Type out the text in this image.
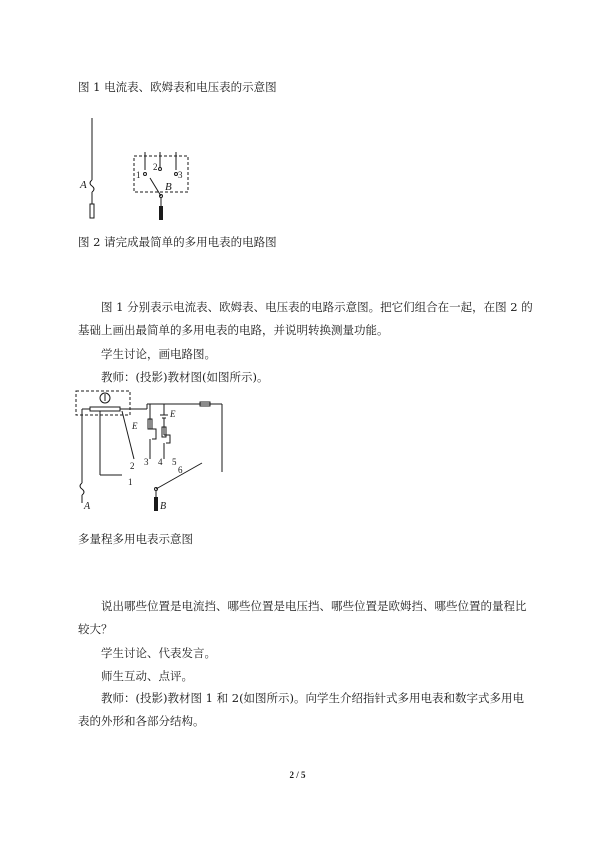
图 1 电流表、欧姆表和电压表的示意图
A	B
1
2
3
图 2 请完成最简单的多用电表的电路图
图 1 分别表示电流表、欧姆表、电压表的电路示意图。把它们组合在一起，在图 2 的基础上画出最简单的多用电表的电路，并说明转换测量功能。
学生讨论，画电路图。
教师：(投影)教材图(如图所示)。
A	B
E
E
1
2 3 4 5
6
多量程多用电表示意图
说出哪些位置是电流挡、哪些位置是电压挡、哪些位置是欧姆挡、哪些位置的量程比较大？
学生讨论、代表发言。
师生互动、点评。
教师：(投影)教材图 1 和 2(如图所示)。向学生介绍指针式多用电表和数字式多用电表的外形和各部分结构。
2 / 5
